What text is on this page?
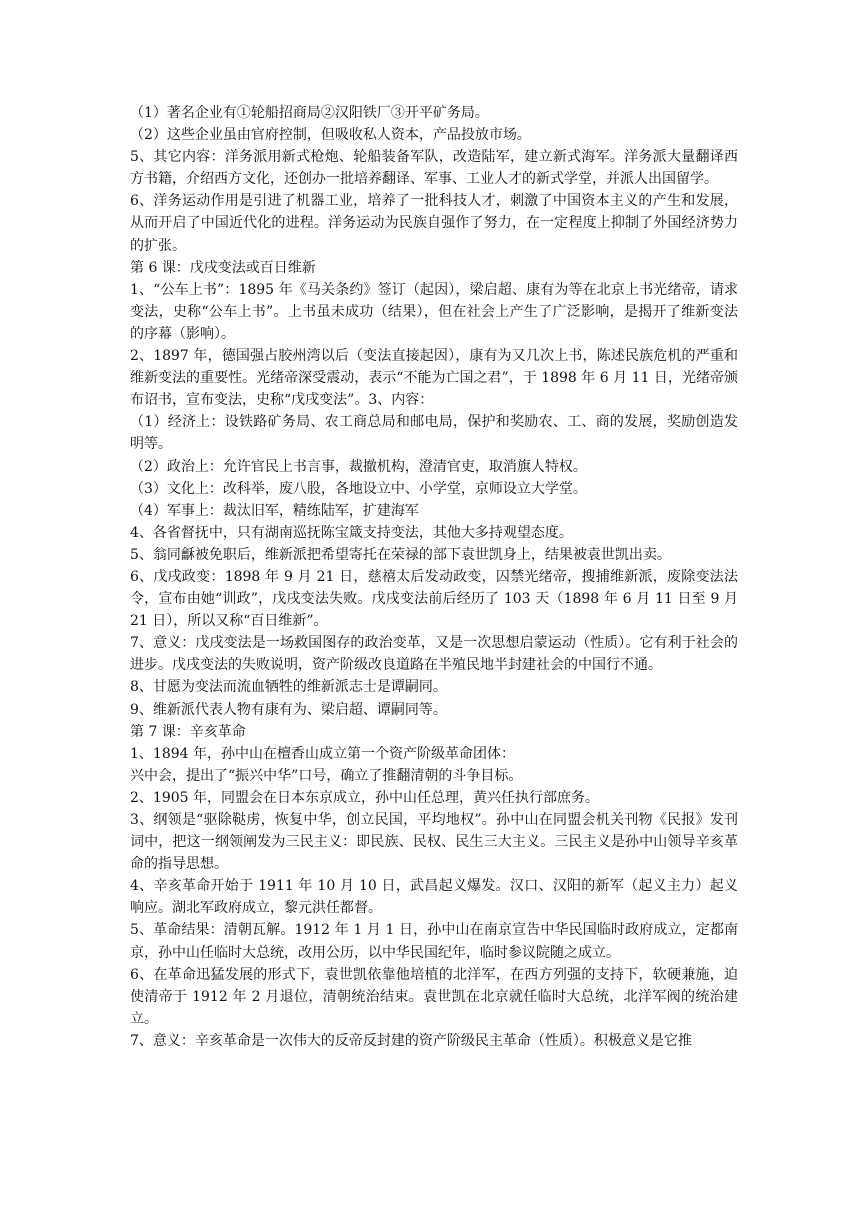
（1）著名企业有①轮船招商局②汉阳铁厂③开平矿务局。

（2）这些企业虽由官府控制，但吸收私人资本，产品投放市场。

5、其它内容：洋务派用新式枪炮、轮船装备军队，改造陆军，建立新式海军。洋务派大量翻译西方书籍，介绍西方文化，还创办一批培养翻译、军事、工业人才的新式学堂，并派人出国留学。

6、洋务运动作用是引进了机器工业，培养了一批科技人才，刺激了中国资本主义的产生和发展，从而开启了中国近代化的进程。洋务运动为民族自强作了努力，在一定程度上抑制了外国经济势力的扩张。

第 6 课：戊戌变法或百日维新

1、“公车上书”：1895 年《马关条约》签订（起因），梁启超、康有为等在北京上书光绪帝，请求变法，史称“公车上书”。上书虽未成功（结果），但在社会上产生了广泛影响，是揭开了维新变法的序幕（影响）。

2、1897 年，德国强占胶州湾以后（变法直接起因），康有为又几次上书，陈述民族危机的严重和维新变法的重要性。光绪帝深受震动，表示“不能为亡国之君”，于 1898 年 6 月 11 日，光绪帝颁布诏书，宣布变法，史称“戊戌变法”。3、内容：

（1）经济上：设铁路矿务局、农工商总局和邮电局，保护和奖励农、工、商的发展，奖励创造发明等。

（2）政治上：允许官民上书言事，裁撤机构，澄清官吏，取消旗人特权。

（3）文化上：改科举，废八股，各地设立中、小学堂，京师设立大学堂。

（4）军事上：裁汰旧军，精练陆军，扩建海军

4、各省督抚中，只有湖南巡抚陈宝箴支持变法，其他大多持观望态度。

5、翁同龢被免职后，维新派把希望寄托在荣禄的部下袁世凯身上，结果被袁世凯出卖。

6、戊戌政变：1898 年 9 月 21 日，慈禧太后发动政变，囚禁光绪帝，搜捕维新派，废除变法法令，宣布由她“训政”，戊戌变法失败。戊戌变法前后经历了 103 天（1898 年 6 月 11 日至 9 月 21 日），所以又称“百日维新”。

7、意义：戊戌变法是一场救国图存的政治变革，又是一次思想启蒙运动（性质）。它有利于社会的进步。戊戌变法的失败说明，资产阶级改良道路在半殖民地半封建社会的中国行不通。

8、甘愿为变法而流血牺牲的维新派志士是谭嗣同。

9、维新派代表人物有康有为、梁启超、谭嗣同等。

第 7 课：辛亥革命

1、1894 年，孙中山在檀香山成立第一个资产阶级革命团体：

兴中会，提出了“振兴中华”口号，确立了推翻清朝的斗争目标。

2、1905 年，同盟会在日本东京成立，孙中山任总理，黄兴任执行部庶务。

3、纲领是“驱除鞑虏，恢复中华，创立民国，平均地权”。孙中山在同盟会机关刊物《民报》发刊词中，把这一纲领阐发为三民主义：即民族、民权、民生三大主义。三民主义是孙中山领导辛亥革命的指导思想。

4、辛亥革命开始于 1911 年 10 月 10 日，武昌起义爆发。汉口、汉阳的新军（起义主力）起义响应。湖北军政府成立，黎元洪任都督。

5、革命结果：清朝瓦解。1912 年 1 月 1 日，孙中山在南京宣告中华民国临时政府成立，定都南京，孙中山任临时大总统，改用公历，以中华民国纪年，临时参议院随之成立。

6、在革命迅猛发展的形式下，袁世凯依靠他培植的北洋军，在西方列强的支持下，软硬兼施，迫使清帝于 1912 年 2 月退位，清朝统治结束。袁世凯在北京就任临时大总统，北洋军阀的统治建立。

7、意义：辛亥革命是一次伟大的反帝反封建的资产阶级民主革命（性质）。积极意义是它推
